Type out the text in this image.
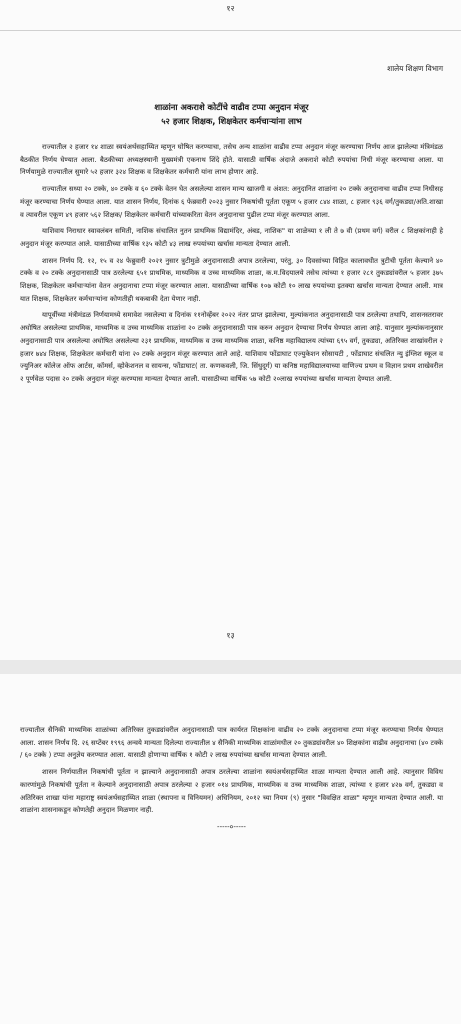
१२
शालेय शिक्षण विभाग
शाळांना अकराशे कोटींचे वाढीव टप्पा अनुदान मंजूर
५२ हजार शिक्षक, शिक्षकेतर कर्मचाऱ्यांना लाभ

राज्यातील २ हजार १४ शाळा स्वयंअर्थसहाय्यित म्हणून घोषित करण्याचा, तसेच अन्य शाळांना वाढीव टप्पा अनुदान मंजूर करण्याचा निर्णय आज झालेल्या मंत्रिमंडळ बैठकीत निर्णय घेण्यात आला. बैठकीच्या अध्यक्षस्थानी मुख्यमंत्री एकनाथ शिंदे होते. यासाठी वार्षिक अंदाजे अकराशे कोटी रुपयांचा निधी मंजूर करण्याचा आला. या निर्णयामुळे राज्यातील सुमारे ५२ हजार ३२४ शिक्षक व शिक्षकेतर कर्मचारी यांना लाभ होणार आहे.

राज्यातील सध्या २० टक्के, ४० टक्के व ६० टक्के वेतन घेत असलेल्या शासन मान्य खाजगी व अंशत: अनुदानित शाळांना २० टक्के अनुदानाचा वाढीव टप्पा निधीसह मंजूर करण्याचा निर्णय घेण्यात आला. यात शासन निर्णय, दिनांक ६ फेब्रवारी २०२३ नुसार निकषांची पूर्तता एकूण ५ हजार ८४४ शाळा, ८ हजार ९३६ वर्ग/तुकड्या/अति.शाखा व त्यावरील एकूण ४९ हजार ५६२ शिक्षक/ शिक्षकेतर कर्मचारी यांच्याकरिता वेतन अनुदानाचा पुढील टप्पा मंजूर करण्यात आला.

याशिवाय निराधार स्वावलंबन समिती, नाशिक संचालित नुतन प्राथमिक विद्यामंदिर, अंबड, नाशिक" या शाळेच्या १ ली ते ७ वी (प्रथम वर्ग) वरील ८ शिक्षकांनाही हे अनुदान मंजूर करण्यात आले. यासाठीच्या वार्षिक १३५ कोटी ४३ लाख रुपयांच्या खर्चास मान्यता देण्यात आली.

शासन निर्णय दि. १२, १५ व २४ फेब्रुवारी २०२१ नुसार त्रुटीमुळे अनुदानासाठी अपात्र ठरलेल्या, परंतु, ३० दिवसांच्या विहित कालावधीत त्रुटीची पूर्तता केल्याने ४० टक्के व २० टक्के अनुदानासाठी पात्र ठरलेल्या ६५१ प्राथमिक, माध्यमिक व उच्च माध्यमिक शाळा, क.म.विदयालये तसेच त्यांच्या १ हजार २८१ तुकड्यांवरील ५ हजार ३७५ शिक्षक, शिक्षकेतर कर्मचाऱ्यांना वेतन अनुदानाचा टप्पा मंजूर करण्यात आला. यासाठीच्या वार्षिक १०७ कोटी १० लाख रुपयांच्या इतक्या खर्चास मान्यता देण्यात आली. मात्र यात शिक्षक, शिक्षकेतर कर्मचाऱ्यांना कोणतीही थकबाकी देता येणार नाही.

यापूर्वीच्या मंत्रीमंडळ निर्णयामध्ये समावेश नसलेल्या व दिनांक ११नोव्हेंबर २०२२ नंतर प्राप्त झालेल्या, मुल्यांकनात अनुदानासाठी पात्र ठरलेल्या तथापि, शासनस्तरावर अघोषित असलेल्या प्राथमिक, माध्यमिक व उच्च माध्यमिक शाळांना २० टक्के अनुदानासाठी पात्र करुन अनुदान देण्याचा निर्णय घेण्यात आला आहे. यानुसार मुल्यांकनानुसार अनुदानासाठी पात्र असलेल्या अघोषित असलेल्या २३१ प्राथमिक, माध्यमिक व उच्च माध्यमिक शाळा, कनिष्ठ महाविद्यालय त्यांच्या ६९५ वर्ग, तुकड्या, अतिरिक्त शाखांवरील २ हजार ७४४ शिक्षक, शिक्षकेतर कर्मचारी यांना २० टक्के अनुदान मंजूर करण्यात आले आहे. याशिवाय फोंडाघाट एज्युकेशन सोसायटी , फोंडाघाट संचलित न्यु इंग्लिश स्कूल व ज्युनिअर कॉलेज ऑफ आर्टस, कॉमर्स, व्होकेशनल व सायन्स, फोंडाघाट( ता. कणकवली, जि. सिंधुदूर्ग) या कनिष्ठ महाविद्यालयाच्या वाणिज्य प्रथम व विज्ञान प्रथम शाखेवरील २ पूर्णवेळ पदास २० टक्के अनुदान मंजूर करण्यास मान्यता देण्यात आली. यासाठीच्या वार्षिक ५७ कोटी २०लाख रुपयांच्या खर्चास मान्यता देण्यात आली.

१३

राज्यातील सैनिकी माध्यमिक शाळांच्या अतिरिक्त तुकड्यांवरील अनुदानासाठी पात्र कार्यरत शिक्षकांना वाढीव २० टक्के अनुदानाचा टप्पा मंजूर करण्याचा निर्णय घेण्यात आला. शासन निर्णय दि. २६ सप्टेंबर १९९६ अन्वये मान्यता दिलेल्या राज्यातील ४ सैनिकी माध्यमिक शाळांमधील २० तुकड्यांवरील ४० शिक्षकांना वाढीव अनुदानाचा (४० टक्के / ६० टक्के ) टप्पा अनुज्ञेय करण्यात आला. यासाठी होणाऱ्या वार्षिक १ कोटी २ लाख रुपयांच्या खर्चास मान्यता देण्यात आली.

शासन निर्णयातील निकषांची पूर्तता न झाल्याने अनुदानासाठी अपात्र ठरलेल्या शाळांना स्वयंअर्थसहाय्यित शाळा मान्यता देण्यात आली आहे. त्यानुसार विविध कारणांमुळे निकषांची पूर्तता न केल्याने अनुदानासाठी अपात्र ठरलेल्या २ हजार ०१४ प्राथमिक, माध्यमिक व उच्च माध्यमिक शाळा, त्यांच्या १ हजार ४२७ वर्ग, तुकड्या व अतिरिक्त शाखा यांना महाराष्ट्र स्वयंअर्थसहाय्यित शाळा (स्थापना व विनियमन) अधिनियम, २०१२ च्या नियम (९) नुसार "विवक्षित शाळा" म्हणून मान्यता देण्यात आली. या शाळांना शासनाकडून कोणतेही अनुदान मिळणार नाही.

-----०-----
